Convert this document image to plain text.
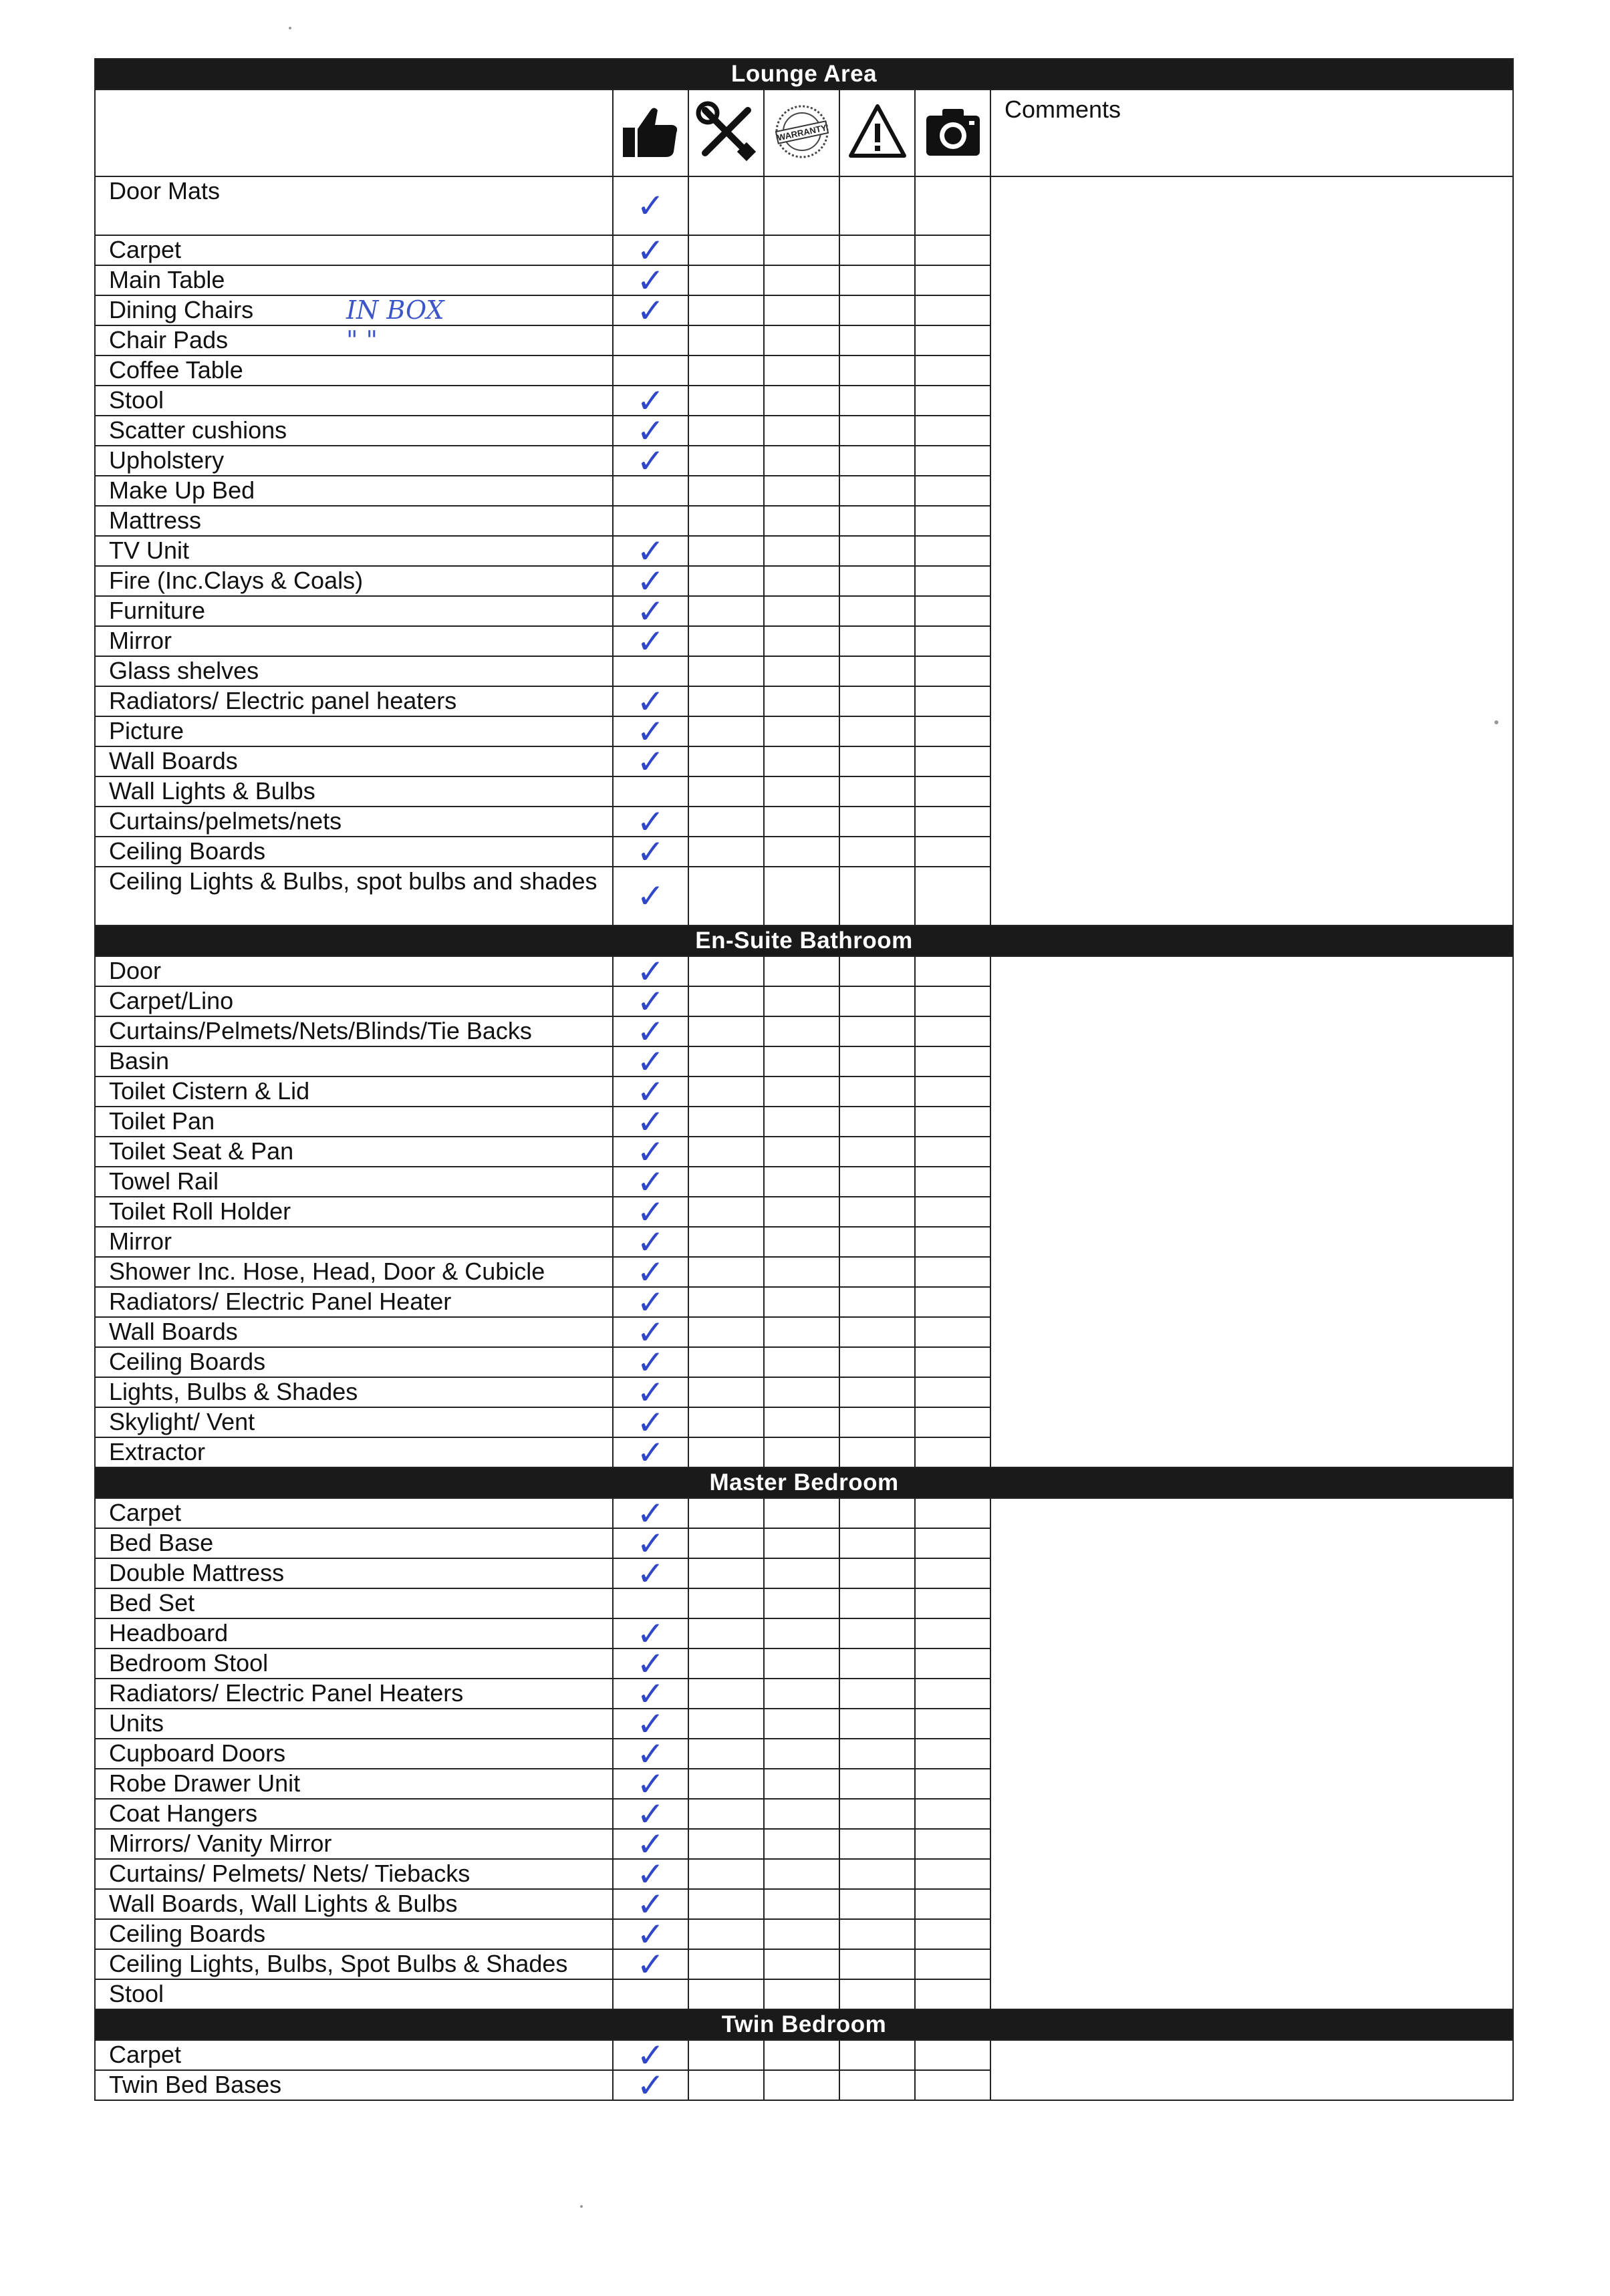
Lounge Area						

WARRANTY			Comments
Door Mats	✓					
Carpet	✓					
Main Table	✓					
Dining Chairs IN BOX	✓					
Chair Pads " "						

Coffee Table						
Stool	✓					
Scatter cushions	✓					
Upholstery	✓					
Make Up Bed						
Mattress						
TV Unit	✓					
Fire (Inc.Clays & Coals)	✓					
Furniture	✓					
Mirror	✓					
Glass shelves						
Radiators/ Electric panel heaters	✓					
Picture	✓					
Wall Boards	✓					
Wall Lights & Bulbs						
Curtains/pelmets/nets	✓					
Ceiling Boards	✓					
Ceiling Lights & Bulbs, spot bulbs and shades	✓					
En-Suite Bathroom						
Door	✓					
Carpet/Lino	✓					
Curtains/Pelmets/Nets/Blinds/Tie Backs	✓					
Basin	✓					
Toilet Cistern & Lid	✓					
Toilet Pan	✓					
Toilet Seat & Pan	✓					
Towel Rail	✓					
Toilet Roll Holder	✓					
Mirror	✓					
Shower Inc. Hose, Head, Door & Cubicle	✓					
Radiators/ Electric Panel Heater	✓					
Wall Boards	✓					
Ceiling Boards	✓					
Lights, Bulbs & Shades	✓					
Skylight/ Vent	✓					
Extractor	✓					
Master Bedroom						
Carpet	✓					
Bed Base	✓					
Double Mattress	✓					
Bed Set						
Headboard	✓					
Bedroom Stool	✓					
Radiators/ Electric Panel Heaters	✓					
Units	✓					
Cupboard Doors	✓					
Robe Drawer Unit	✓					
Coat Hangers	✓					
Mirrors/ Vanity Mirror	✓					
Curtains/ Pelmets/ Nets/ Tiebacks	✓					
Wall Boards, Wall Lights & Bulbs	✓					
Ceiling Boards	✓					
Ceiling Lights, Bulbs, Spot Bulbs & Shades	✓					
Stool						
Twin Bedroom						
Carpet	✓					
Twin Bed Bases	✓					
